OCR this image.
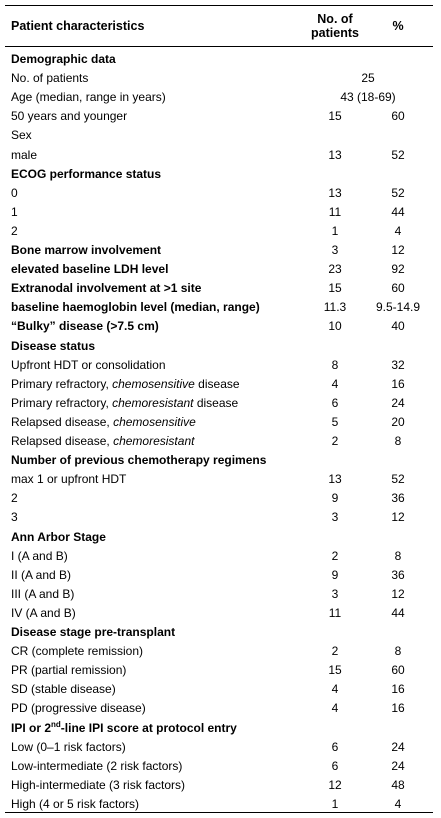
Patient characteristics	No. of
patients	%
Demographic data
No. of patients	25
Age (median, range in years)	43 (18-69)
50 years and younger	15	60
Sex
male	13	52
ECOG performance status
0	13	52
1	11	44
2	1	4
Bone marrow involvement	3	12
elevated baseline LDH level	23	92
Extranodal involvement at >1 site	15	60
baseline haemoglobin level (median, range)	11.3	9.5-14.9
“Bulky” disease (>7.5 cm)	10	40
Disease status
Upfront HDT or consolidation	8	32
Primary refractory, chemosensitive disease	4	16
Primary refractory, chemoresistant disease	6	24
Relapsed disease, chemosensitive	5	20
Relapsed disease, chemoresistant	2	8
Number of previous chemotherapy regimens
max 1 or upfront HDT	13	52
2	9	36
3	3	12
Ann Arbor Stage
I (A and B)	2	8
II (A and B)	9	36
III (A and B)	3	12
IV (A and B)	11	44
Disease stage pre-transplant
CR (complete remission)	2	8
PR (partial remission)	15	60
SD (stable disease)	4	16
PD (progressive disease)	4	16
IPI or 2nd-line IPI score at protocol entry
Low (0–1 risk factors)	6	24
Low-intermediate (2 risk factors)	6	24
High-intermediate (3 risk factors)	12	48
High (4 or 5 risk factors)	1	4
